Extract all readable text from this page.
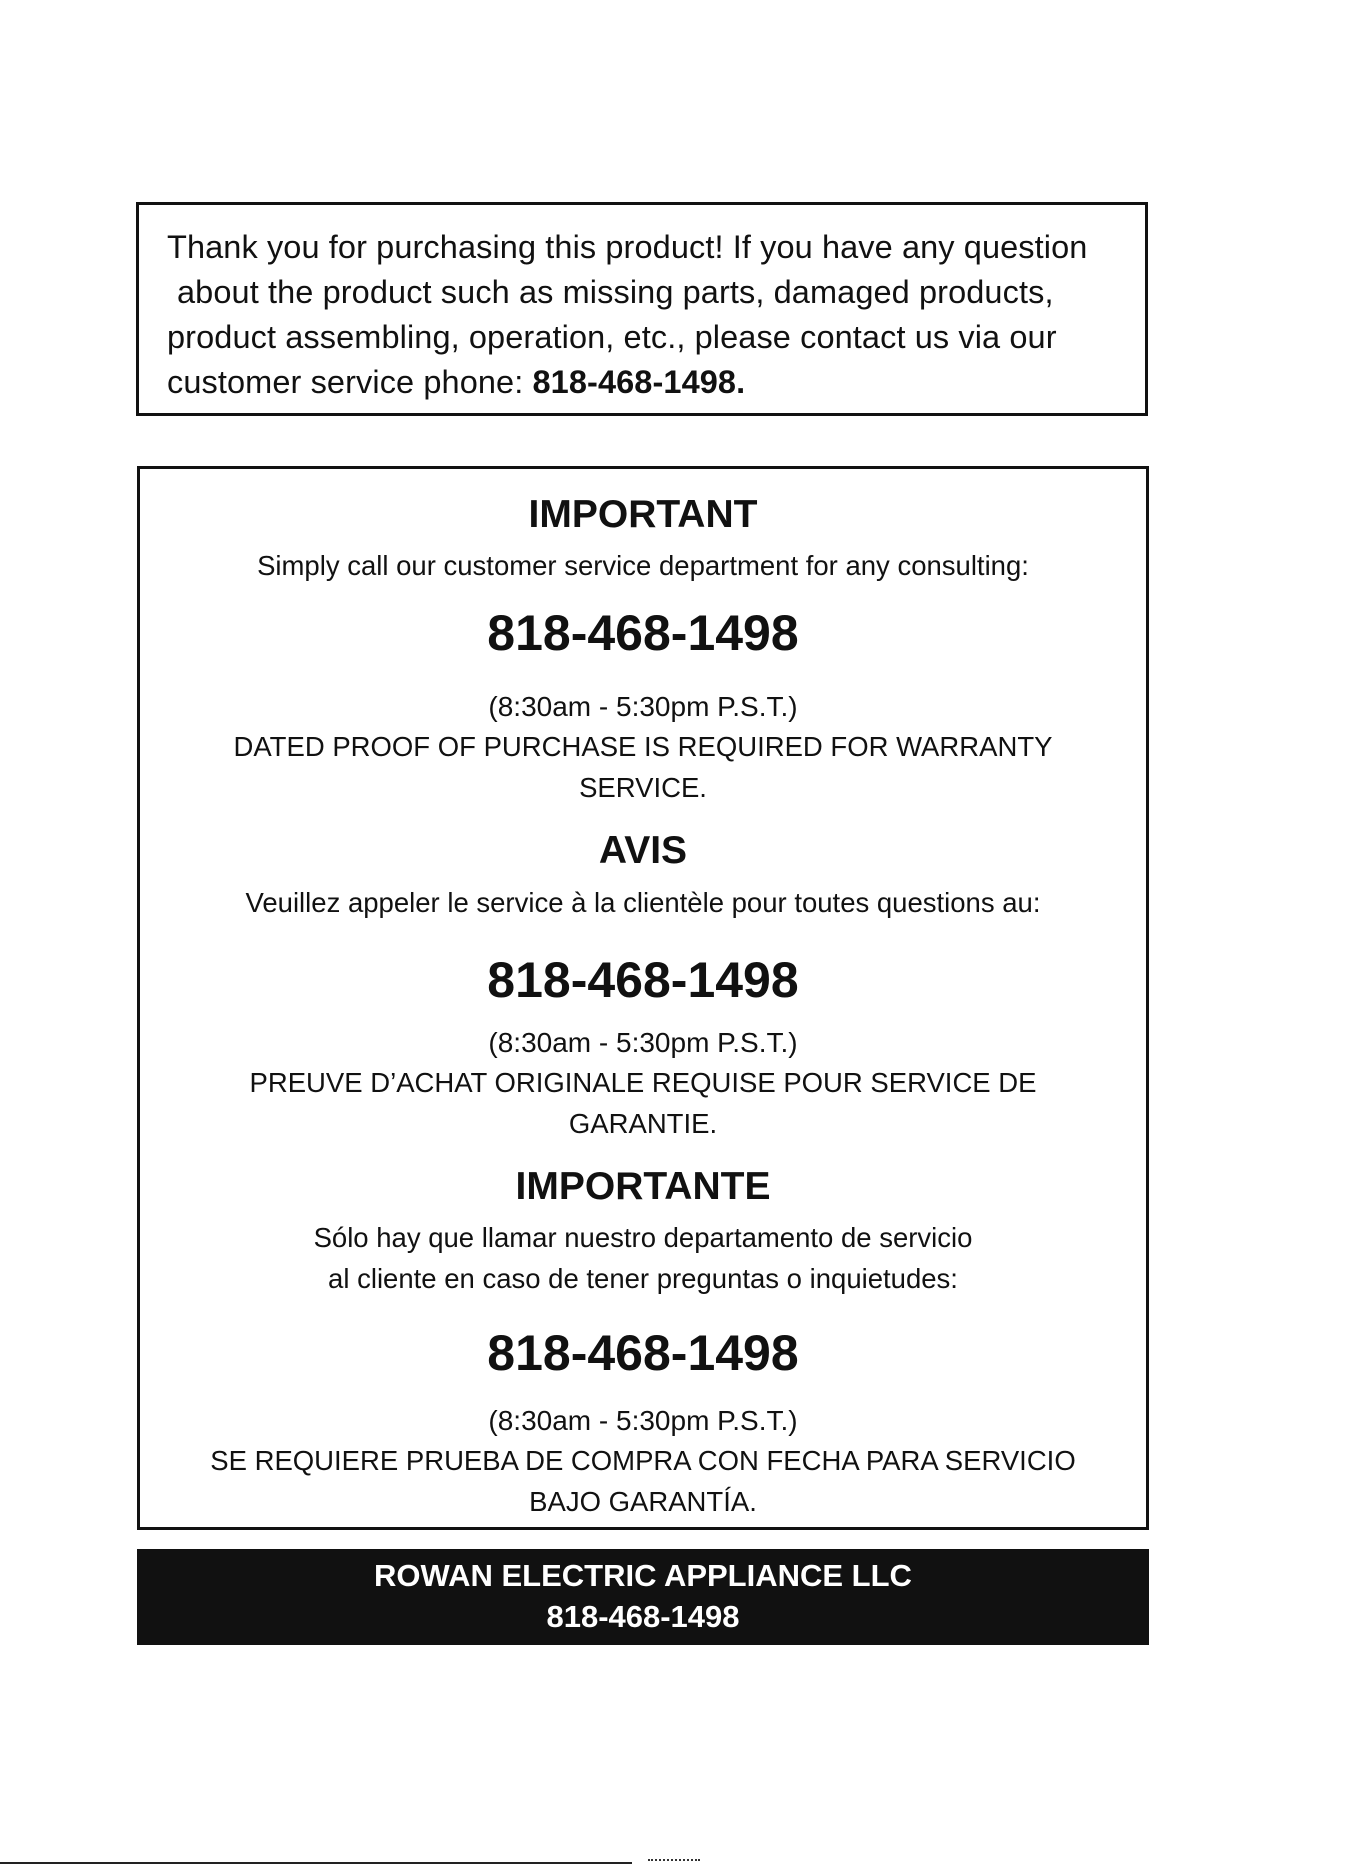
Thank you for purchasing this product! If you have any question

about the product such as missing parts, damaged products,

product assembling, operation, etc., please contact us via our

customer service phone: 818-468-1498.

IMPORTANT
Simply call our customer service department for any consulting:
818-468-1498
(8:30am - 5:30pm P.S.T.)
DATED PROOF OF PURCHASE IS REQUIRED FOR WARRANTY
SERVICE.
AVIS
Veuillez appeler le service à la clientèle pour toutes questions au:
818-468-1498
(8:30am - 5:30pm P.S.T.)
PREUVE D’ACHAT ORIGINALE REQUISE POUR SERVICE DE
GARANTIE.
IMPORTANTE
Sólo hay que llamar nuestro departamento de servicio
al cliente en caso de tener preguntas o inquietudes:
818-468-1498
(8:30am - 5:30pm P.S.T.)
SE REQUIERE PRUEBA DE COMPRA CON FECHA PARA SERVICIO
BAJO GARANTÍA.
ROWAN ELECTRIC APPLIANCE LLC
818-468-1498
